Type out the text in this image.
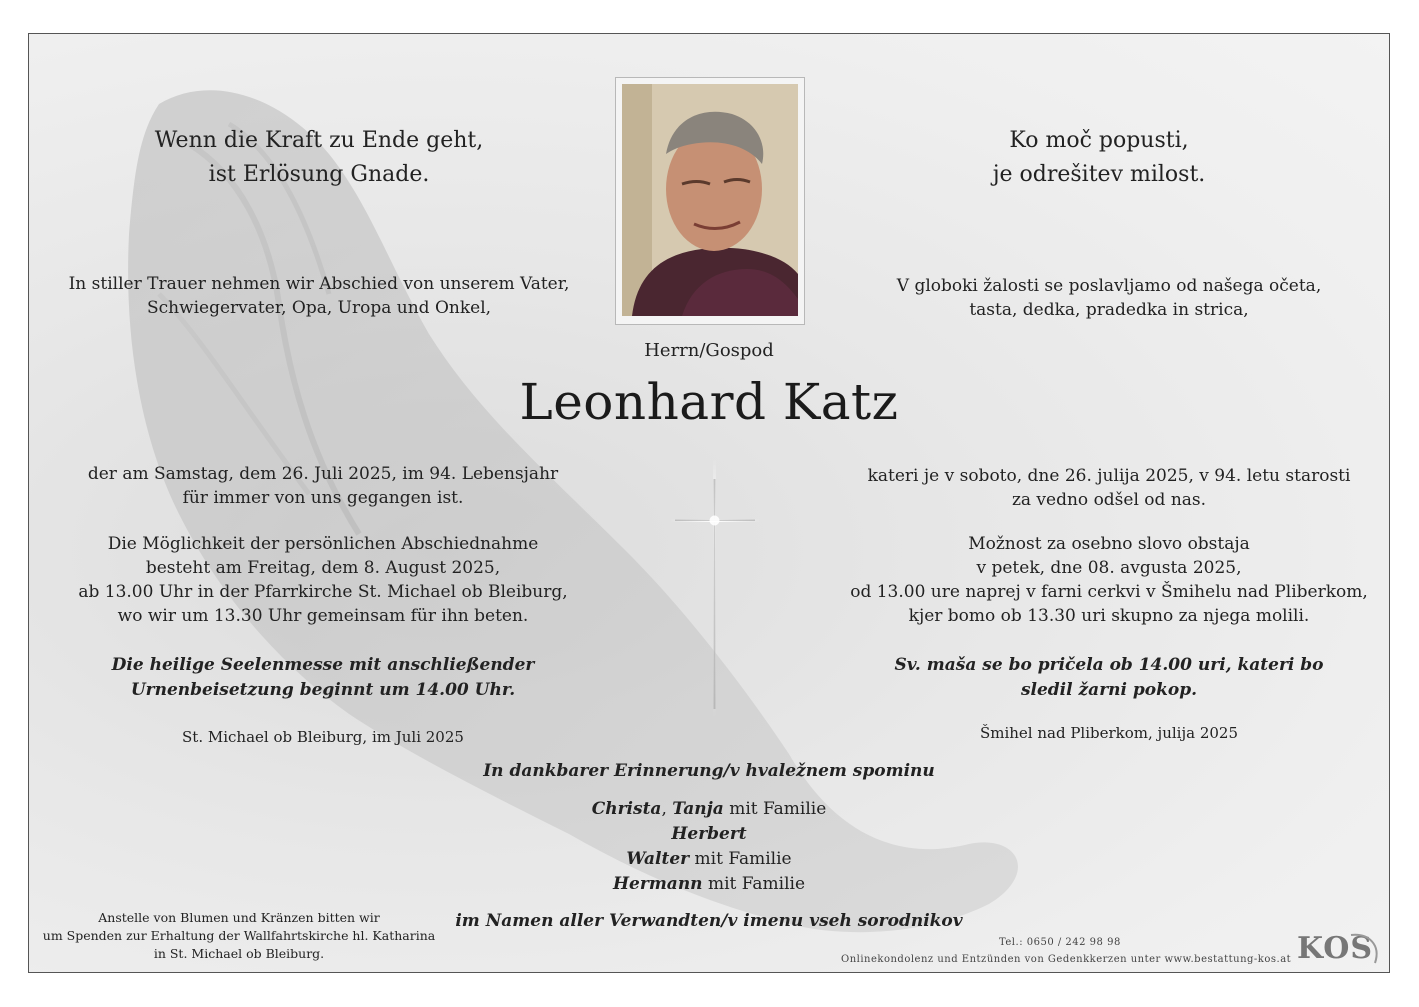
Wenn die Kraft zu Ende geht,
ist Erlösung Gnade.
Ko moč popusti,
je odrešitev milost.
In stiller Trauer nehmen wir Abschied von unserem Vater,
Schwiegervater, Opa, Uropa und Onkel,
V globoki žalosti se poslavljamo od našega očeta,
tasta, dedka, pradedka in strica,
Herrn/Gospod
Leonhard Katz
der am Samstag, dem 26. Juli 2025, im 94. Lebensjahr
für immer von uns gegangen ist.
kateri je v soboto, dne 26. julija 2025, v 94. letu starosti
za vedno odšel od nas.
Die Möglichkeit der persönlichen Abschiednahme
besteht am Freitag, dem 8. August 2025,
ab 13.00 Uhr in der Pfarrkirche St. Michael ob Bleiburg,
wo wir um 13.30 Uhr gemeinsam für ihn beten.
Možnost za osebno slovo obstaja
v petek, dne 08. avgusta 2025,
od 13.00 ure naprej v farni cerkvi v Šmihelu nad Pliberkom,
kjer bomo ob 13.30 uri skupno za njega molili.
Die heilige Seelenmesse mit anschließender
Urnenbeisetzung beginnt um 14.00 Uhr.
Sv. maša se bo pričela ob 14.00 uri, kateri bo
sledil žarni pokop.
St. Michael ob Bleiburg, im Juli 2025	Šmihel nad Pliberkom, julija 2025
In dankbarer Erinnerung/v hvaležnem spominu
Christa, Tanja mit Familie
Herbert
Walter mit Familie
Hermann mit Familie
im Namen aller Verwandten/v imenu vseh sorodnikov
Anstelle von Blumen und Kränzen bitten wir
um Spenden zur Erhaltung der Wallfahrtskirche hl. Katharina
in St. Michael ob Bleiburg.
Tel.: 0650 / 242 98 98
Onlinekondolenz und Entzünden von Gedenkkerzen unter www.bestattung-kos.at KOS
